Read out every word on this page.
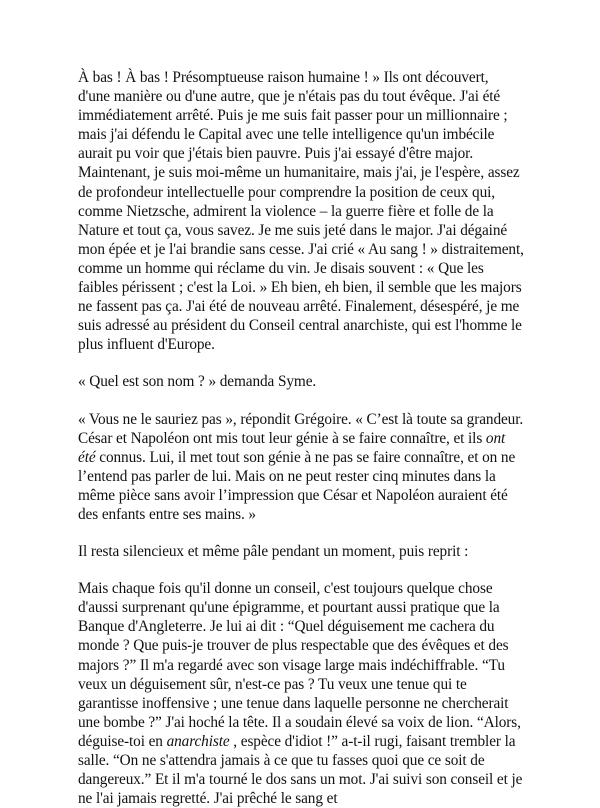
À bas ! À bas ! Présomptueuse raison humaine ! » Ils ont découvert, d'une manière ou d'une autre, que je n'étais pas du tout évêque. J'ai été immédiatement arrêté. Puis je me suis fait passer pour un millionnaire ; mais j'ai défendu le Capital avec une telle intelligence qu'un imbécile aurait pu voir que j'étais bien pauvre. Puis j'ai essayé d'être major. Maintenant, je suis moi-même un humanitaire, mais j'ai, je l'espère, assez de profondeur intellectuelle pour comprendre la position de ceux qui, comme Nietzsche, admirent la violence – la guerre fière et folle de la Nature et tout ça, vous savez. Je me suis jeté dans le major. J'ai dégainé mon épée et je l'ai brandie sans cesse. J'ai crié « Au sang ! » distraitement, comme un homme qui réclame du vin. Je disais souvent : « Que les faibles périssent ; c'est la Loi. » Eh bien, eh bien, il semble que les majors ne fassent pas ça. J'ai été de nouveau arrêté. Finalement, désespéré, je me suis adressé au président du Conseil central anarchiste, qui est l'homme le plus influent d'Europe.

« Quel est son nom ? » demanda Syme.

« Vous ne le sauriez pas », répondit Grégoire. « C’est là toute sa grandeur. César et Napoléon ont mis tout leur génie à se faire connaître, et ils ont été connus. Lui, il met tout son génie à ne pas se faire connaître, et on ne l’entend pas parler de lui. Mais on ne peut rester cinq minutes dans la même pièce sans avoir l’impression que César et Napoléon auraient été des enfants entre ses mains. »

Il resta silencieux et même pâle pendant un moment, puis reprit :

Mais chaque fois qu'il donne un conseil, c'est toujours quelque chose d'aussi surprenant qu'une épigramme, et pourtant aussi pratique que la Banque d'Angleterre. Je lui ai dit : “Quel déguisement me cachera du monde ? Que puis-je trouver de plus respectable que des évêques et des majors ?” Il m'a regardé avec son visage large mais indéchiffrable. “Tu veux un déguisement sûr, n'est-ce pas ? Tu veux une tenue qui te garantisse inoffensive ; une tenue dans laquelle personne ne chercherait une bombe ?” J'ai hoché la tête. Il a soudain élevé sa voix de lion. “Alors, déguise-toi en anarchiste , espèce d'idiot !” a-t-il rugi, faisant trembler la salle. “On ne s'attendra jamais à ce que tu fasses quoi que ce soit de dangereux.” Et il m'a tourné le dos sans un mot. J'ai suivi son conseil et je ne l'ai jamais regretté. J'ai prêché le sang et
